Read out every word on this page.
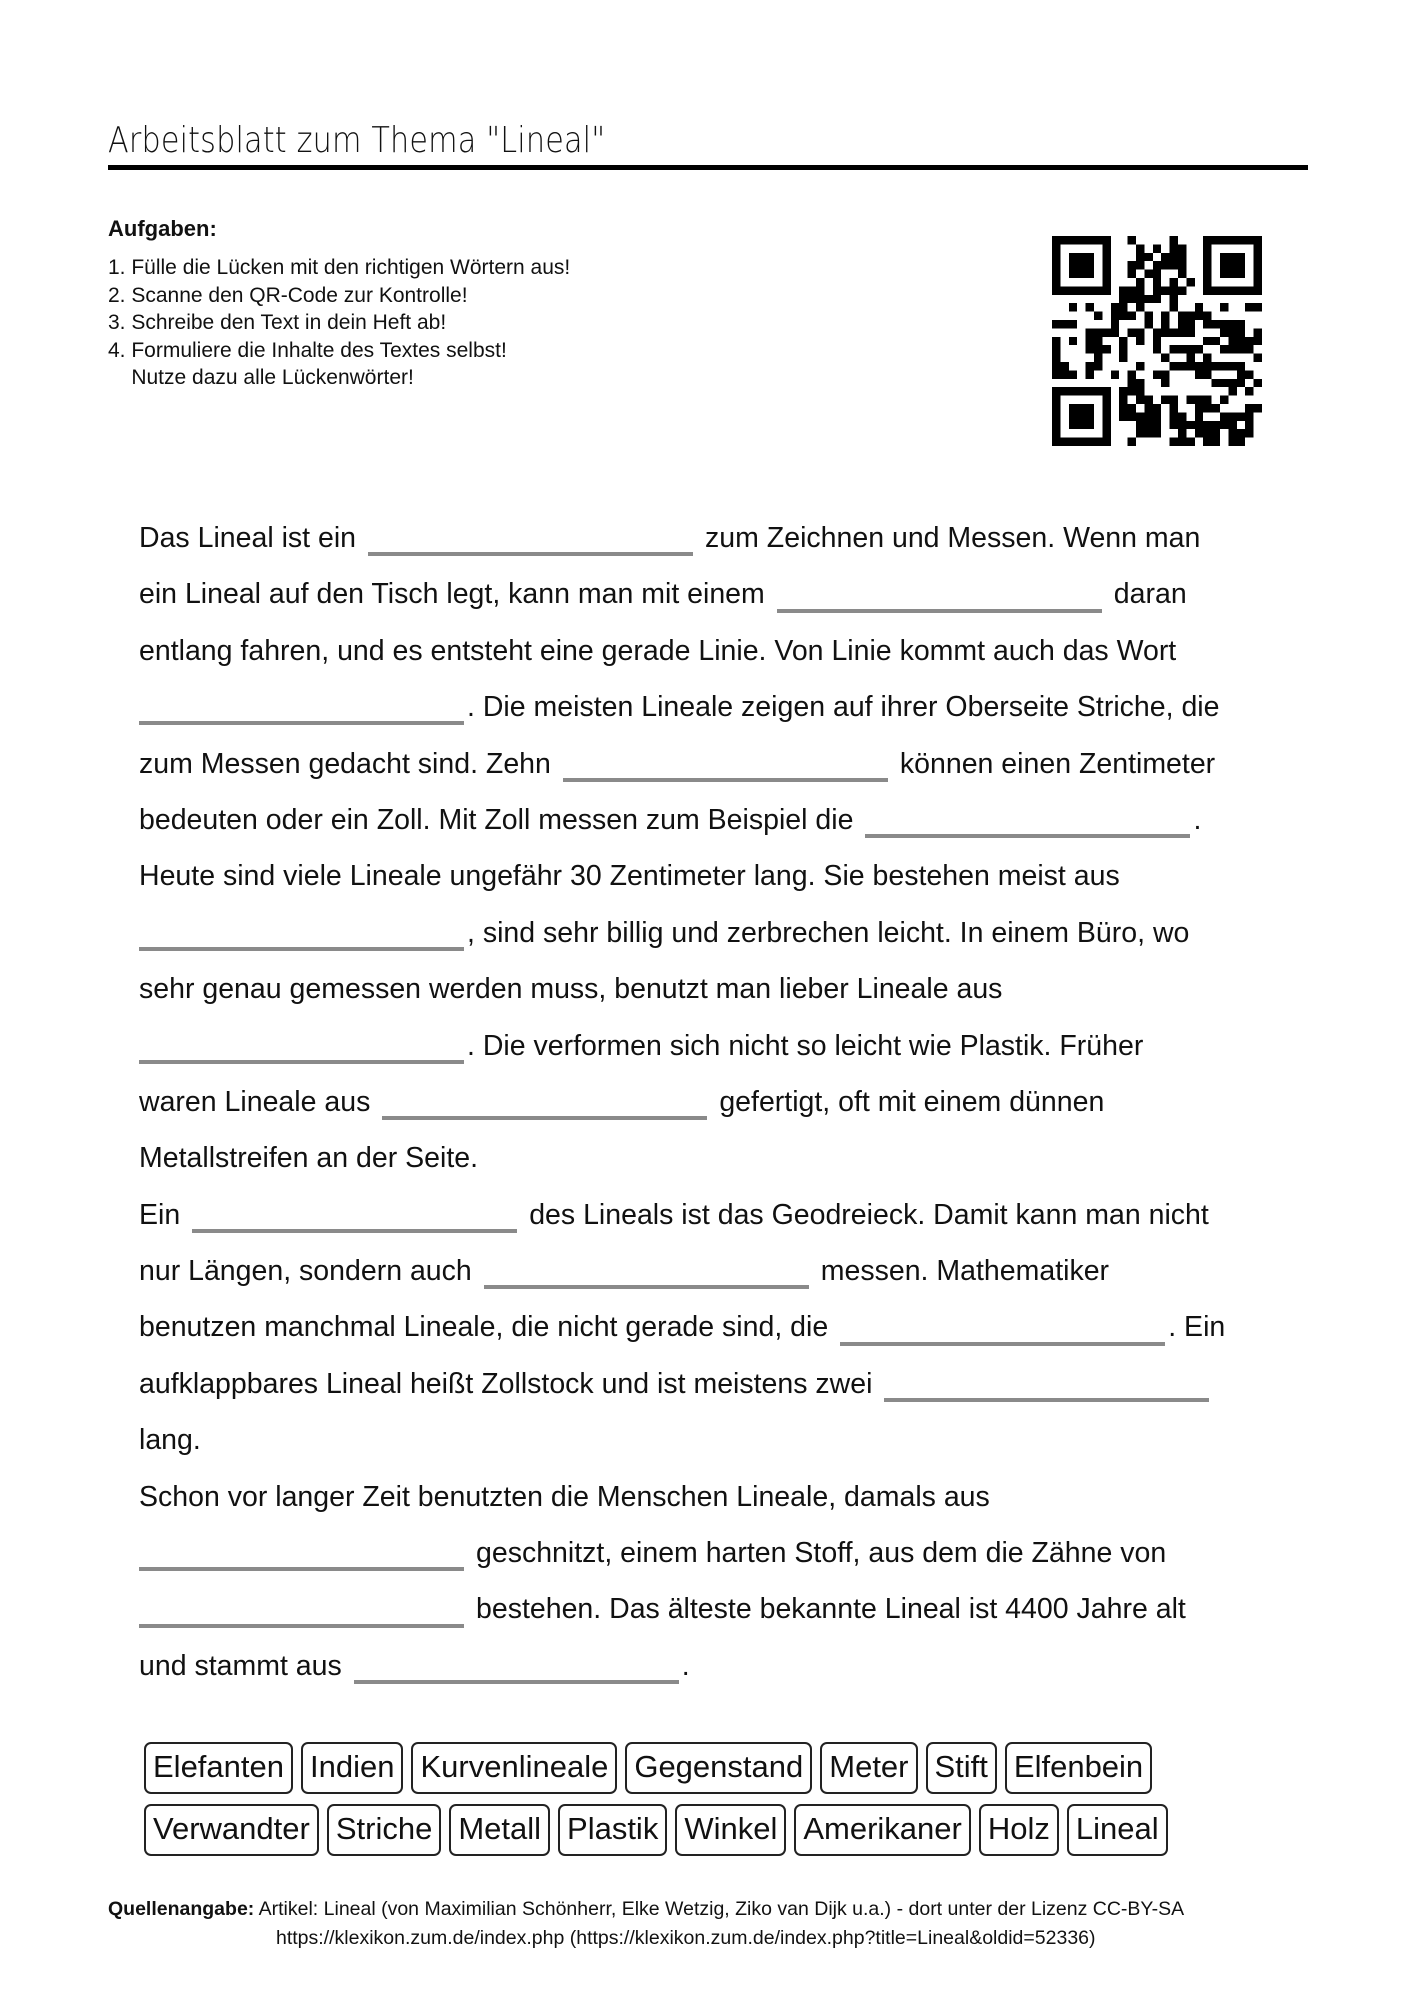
Arbeitsblatt zum Thema "Lineal"
Aufgaben:
1. Fülle die Lücken mit den richtigen Wörtern aus!
2. Scanne den QR-Code zur Kontrolle!
3. Schreibe den Text in dein Heft ab!
4. Formuliere die Inhalte des Textes selbst!
Nutze dazu alle Lückenwörter!
Das Lineal ist ein	zum Zeichnen und Messen. Wenn man
ein Lineal auf den Tisch legt, kann man mit einem	daran
entlang fahren, und es entsteht eine gerade Linie. Von Linie kommt auch das Wort
. Die meisten Lineale zeigen auf ihrer Oberseite Striche, die
zum Messen gedacht sind. Zehn	können einen Zentimeter
bedeuten oder ein Zoll. Mit Zoll messen zum Beispiel die	.
Heute sind viele Lineale ungefähr 30 Zentimeter lang. Sie bestehen meist aus
, sind sehr billig und zerbrechen leicht. In einem Büro, wo
sehr genau gemessen werden muss, benutzt man lieber Lineale aus
. Die verformen sich nicht so leicht wie Plastik. Früher
waren Lineale aus	gefertigt, oft mit einem dünnen
Metallstreifen an der Seite.
Ein	des Lineals ist das Geodreieck. Damit kann man nicht
nur Längen, sondern auch	messen. Mathematiker
benutzen manchmal Lineale, die nicht gerade sind, die	. Ein
aufklappbares Lineal heißt Zollstock und ist meistens zwei
lang.
Schon vor langer Zeit benutzten die Menschen Lineale, damals aus
geschnitzt, einem harten Stoff, aus dem die Zähne von
bestehen. Das älteste bekannte Lineal ist 4400 Jahre alt
und stammt aus	.
Elefanten Indien Kurvenlineale Gegenstand Meter Stift Elfenbein
Verwandter Striche Metall Plastik Winkel Amerikaner Holz Lineal
Quellenangabe: Artikel: Lineal (von Maximilian Schönherr, Elke Wetzig, Ziko van Dijk u.a.) - dort unter der Lizenz CC-BY-SA
https://klexikon.zum.de/index.php (https://klexikon.zum.de/index.php?title=Lineal&oldid=52336)
